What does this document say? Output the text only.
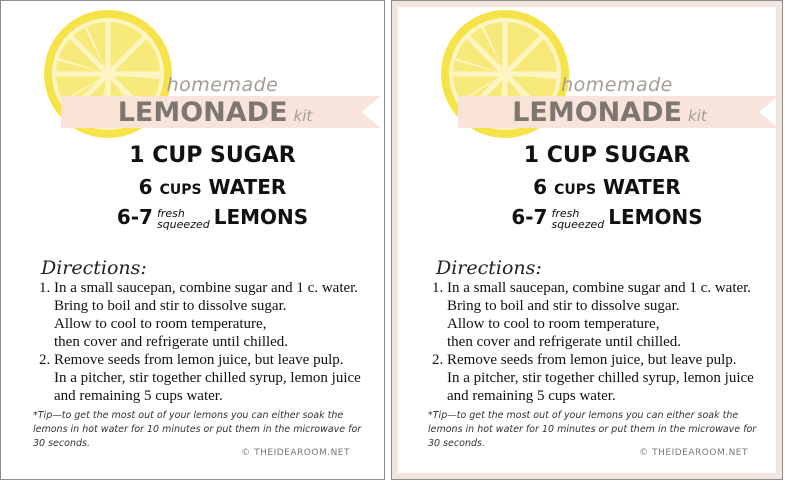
homemade
LEMONADE kit
1 CUP SUGAR
6 CUPS WATER
6-7 fresh
squeezed LEMONS
Directions:
1. In a small saucepan, combine sugar and 1 c. water.
Bring to boil and stir to dissolve sugar.
Allow to cool to room temperature,
then cover and refrigerate until chilled.
2. Remove seeds from lemon juice, but leave pulp.
In a pitcher, stir together chilled syrup, lemon juice
and remaining 5 cups water.
*Tip—to get the most out of your lemons you can either soak the lemons in hot water for 10 minutes or put them in the microwave for 30 seconds.
© THEIDEAROOM.NET
homemade
LEMONADE kit
1 CUP SUGAR
6 CUPS WATER
6-7 fresh
squeezed LEMONS
Directions:
1. In a small saucepan, combine sugar and 1 c. water.
Bring to boil and stir to dissolve sugar.
Allow to cool to room temperature,
then cover and refrigerate until chilled.
2. Remove seeds from lemon juice, but leave pulp.
In a pitcher, stir together chilled syrup, lemon juice
and remaining 5 cups water.
*Tip—to get the most out of your lemons you can either soak the lemons in hot water for 10 minutes or put them in the microwave for 30 seconds.
© THEIDEAROOM.NET
